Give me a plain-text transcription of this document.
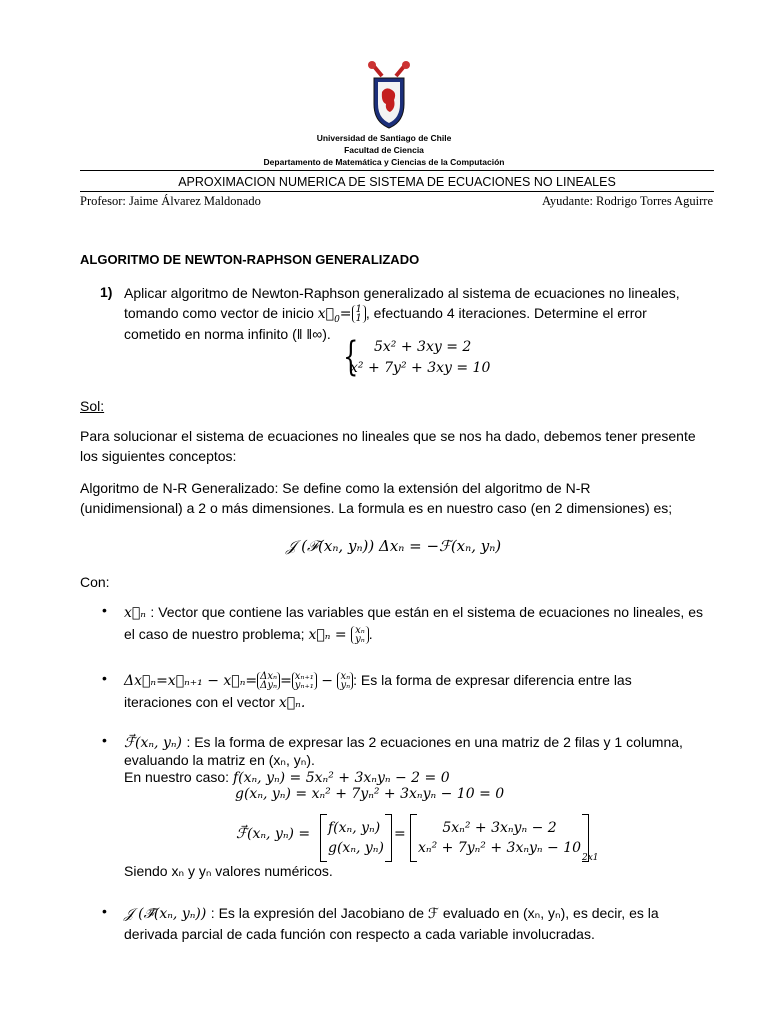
Universidad de Santiago de Chile
Facultad de Ciencia
Departamento de Matemática y Ciencias de la Computación
APROXIMACION NUMERICA DE SISTEMA DE ECUACIONES NO LINEALES
Profesor: Jaime Álvarez Maldonado	Ayudante: Rodrigo Torres Aguirre
ALGORITMO DE NEWTON-RAPHSON GENERALIZADO
1) Aplicar algoritmo de Newton-Raphson generalizado al sistema de ecuaciones no lineales,
tomando como vector de inicio $x⃗_0= 1$
1 , efectuando 4 iteraciones. Determine el error
cometido en norma infinito (‖ ‖∞). { 5x² + 3xy = 2
x² + 7y² + 3xy = 10
Sol:
Para solucionar el sistema de ecuaciones no lineales que se nos ha dado, debemos tener presente
los siguientes conceptos:
Algoritmo de N-R Generalizado: Se define como la extensión del algoritmo de N-R
(unidimensional) a 2 o más dimensiones. La formula es en nuestro caso (en 2 dimensiones) es;
𝒥 (ℱ(xₙ, yₙ)) Δxₙ = −ℱ(xₙ, yₙ)
Con:
• x⃗ₙ : Vector que contiene las variables que están en el sistema de ecuaciones no lineales, es
el caso de nuestro problema; x⃗ₙ = xₙ
yₙ .
• Δx⃗ₙ=x⃗ₙ₊₁ − x⃗ₙ= Δxₙ
Δyₙ = xₙ₊₁
yₙ₊₁ − xₙ
yₙ : Es la forma de expresar diferencia entre las
iteraciones con el vector x⃗ₙ.
• ℱ⃗(xₙ, yₙ) : Es la forma de expresar las 2 ecuaciones en una matriz de 2 filas y 1 columna,
evaluando la matriz en (xₙ, yₙ).
En nuestro caso: f(xₙ, yₙ) = 5xₙ² + 3xₙyₙ − 2 = 0
g(xₙ, yₙ) = xₙ² + 7yₙ² + 3xₙyₙ − 10 = 0
ℱ⃗(xₙ, yₙ) = f(xₙ, yₙ)
g(xₙ, yₙ)
=	5xₙ² + 3xₙyₙ − 2
xₙ² + 7yₙ² + 3xₙyₙ − 10
2x1
Siendo xₙ y yₙ valores numéricos.
• 𝒥 (ℱ⃗(xₙ, yₙ)) : Es la expresión del Jacobiano de ℱ evaluado en (xₙ, yₙ), es decir, es la
derivada parcial de cada función con respecto a cada variable involucradas.
